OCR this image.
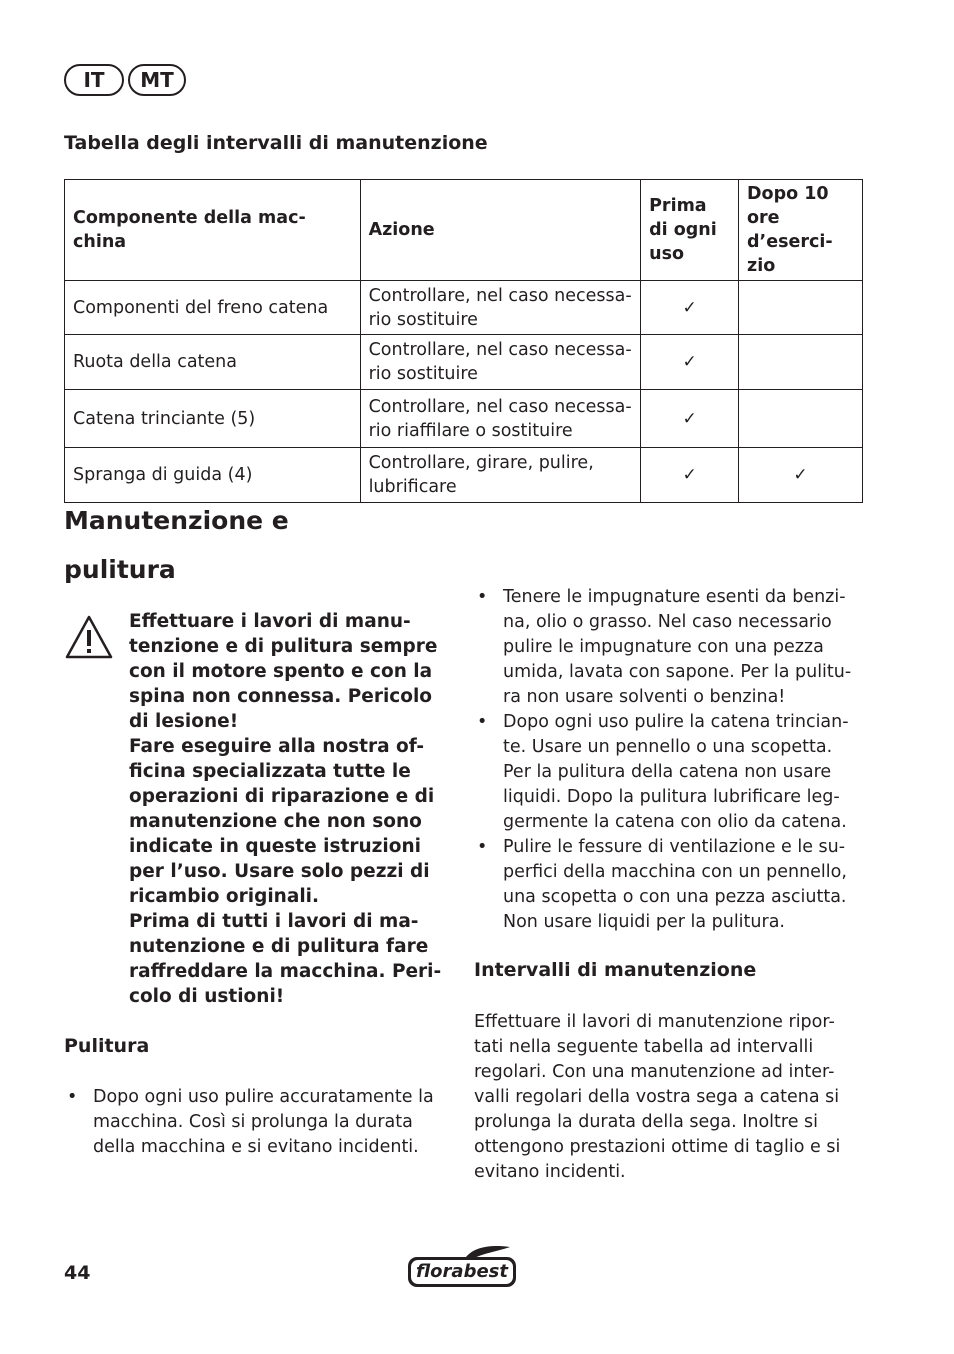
IT	MT
Tabella degli intervalli di manutenzione
Componente della mac-china	Azione	Prima di ogni uso	Dopo 10 ore d’eserci-zio
Componenti del freno catena	Controllare, nel caso necessa-rio sostituire	✓	
Ruota della catena	Controllare, nel caso necessa-rio sostituire	✓	
Catena trinciante (5)	Controllare, nel caso necessa-rio riaffilare o sostituire	✓	
Spranga di guida (4)	Controllare, girare, pulire, lubrificare	✓	✓
Manutenzione e
pulitura
Effettuare i lavori di manu-tenzione e di pulitura sempre con il motore spento e con la spina non connessa. Pericolo di lesione!
Fare eseguire alla nostra of-ficina specializzata tutte le operazioni di riparazione e di manutenzione che non sono indicate in queste istruzioni per l’uso. Usare solo pezzi di ricambio originali.
Prima di tutti i lavori di ma-nutenzione e di pulitura fare raffreddare la macchina. Peri-colo di ustioni!
Pulitura
• Dopo ogni uso pulire accuratamente la macchina. Così si prolunga la durata della macchina e si evitano incidenti.
• Tenere le impugnature esenti da benzi-na, olio o grasso. Nel caso necessario pulire le impugnature con una pezza umida, lavata con sapone. Per la pulitu-ra non usare solventi o benzina!
• Dopo ogni uso pulire la catena trincian-te. Usare un pennello o una scopetta. Per la pulitura della catena non usare liquidi. Dopo la pulitura lubrificare leg-germente la catena con olio da catena.
• Pulire le fessure di ventilazione e le su-perfici della macchina con un pennello, una scopetta o con una pezza asciutta. Non usare liquidi per la pulitura.
Intervalli di manutenzione
Effettuare il lavori di manutenzione ripor-tati nella seguente tabella ad intervalli regolari. Con una manutenzione ad inter-valli regolari della vostra sega a catena si prolunga la durata della sega. Inoltre si ottengono prestazioni ottime di taglio e si evitano incidenti.
44	florabest
